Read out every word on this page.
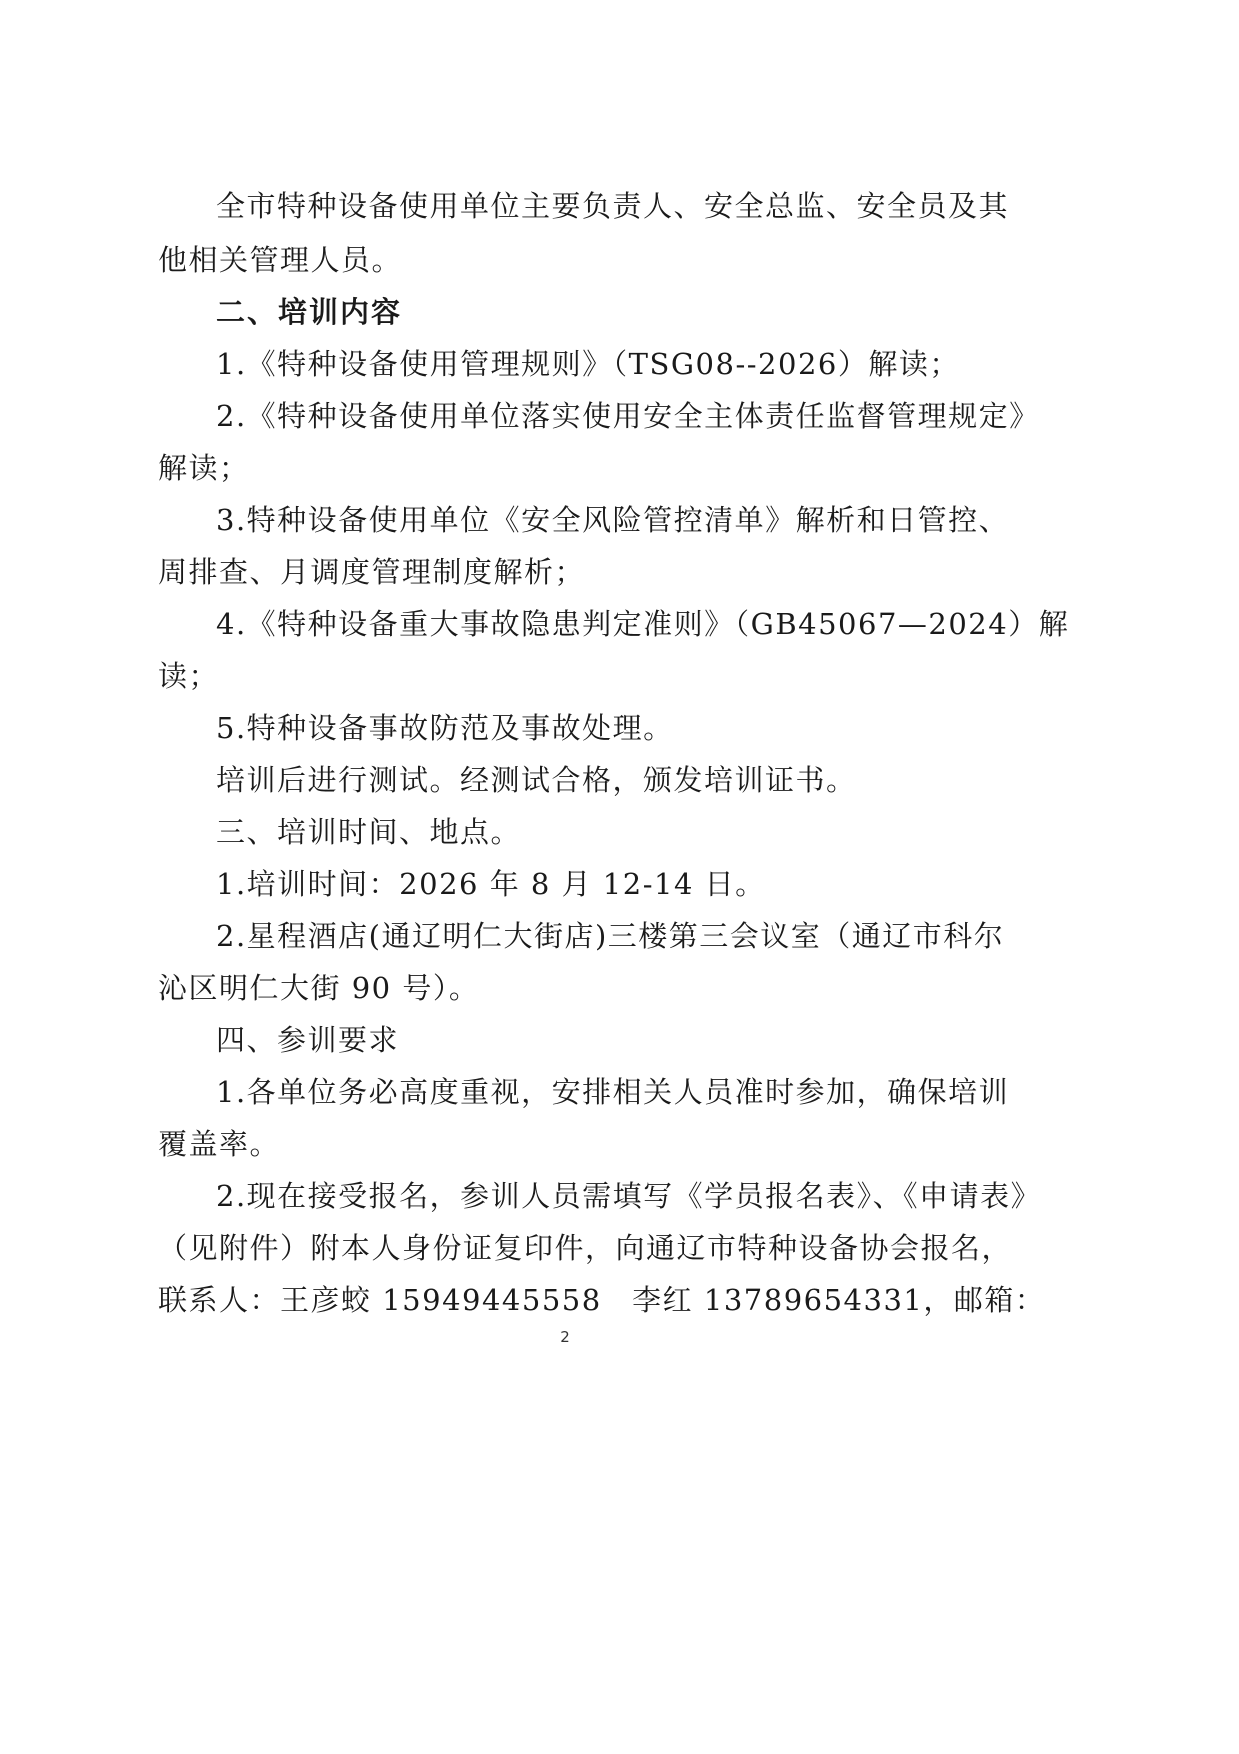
全市特种设备使用单位主要负责人、安全总监、安全员及其
他相关管理人员。
二、培训内容
1.《特种设备使用管理规则》（TSG08--2026）解读；
2.《特种设备使用单位落实使用安全主体责任监督管理规定》
解读；
3.特种设备使用单位《安全风险管控清单》解析和日管控、
周排查、月调度管理制度解析；
4.《特种设备重大事故隐患判定准则》（GB45067—2024）解
读；
5.特种设备事故防范及事故处理。
培训后进行测试。经测试合格，颁发培训证书。
三、培训时间、地点。
1.培训时间：2026 年 8 月 12-14 日。
2.星程酒店(通辽明仁大街店)三楼第三会议室（通辽市科尔
沁区明仁大街 90 号）。
四、参训要求
1.各单位务必高度重视，安排相关人员准时参加，确保培训
覆盖率。
2.现在接受报名，参训人员需填写《学员报名表》、《申请表》
（见附件）附本人身份证复印件，向通辽市特种设备协会报名，
联系人：王彦蛟 15949445558　李红 13789654331，邮箱：
2
